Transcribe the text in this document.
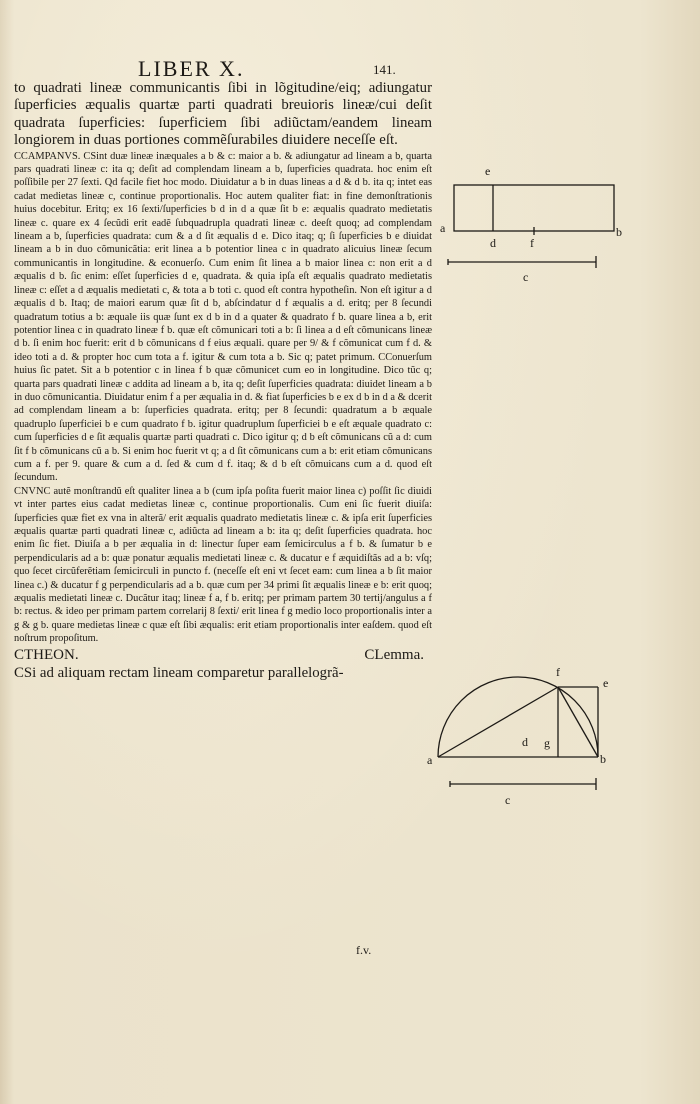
LIBER X.	141.

to quadrati lineæ communicantis ſibi in lõgitudine/eiq; adiungatur ſuperficies æqualis quartæ parti quadrati breuioris lineæ/cui deſit quadrata ſuperficies: ſuperficiem ſibi adiũctam/eandem lineam longiorem in duas portiones commẽſurabiles diuidere neceſſe eſt.

CCAMPANVS. CSint duæ lineæ inæquales a b & c: maior a b. & adiungatur ad lineam a b, quarta pars quadrati lineæ c: ita q; deſit ad complendam lineam a b, ſuperficies quadrata. hoc enim eſt poſſibile per 27 ſexti. Qd facile fiet hoc modo. Diuidatur a b in duas lineas a d & d b. ita q; intet eas cadat medietas lineæ c, continue proportionalis. Hoc autem qualiter fiat: in fine demonſtrationis huius docebitur. Eritq; ex 16 ſexti/ſuperficies b d in d a quæ ſit b e: æqualis quadrato medietatis lineæ c. quare ex 4 ſecũdi erit eadẽ ſubquadrupla quadrati lineæ c. deeſt quoq; ad complendam lineam a b, ſuperficies quadrata: cum & a d ſit æqualis d e. Dico itaq; q; ſi ſuperficies b e diuidat lineam a b in duo cõmunicãtia: erit linea a b potentior linea c in quadrato alicuius lineæ ſecum communicantis in longitudine. & econuerſo. Cum enim ſit linea a b maior linea c: non erit a d æqualis d b. ſic enim: eſſet ſuperficies d e, quadrata. & quia ipſa eſt æqualis quadrato medietatis lineæ c: eſſet a d æqualis medietati c, & tota a b toti c. quod eſt contra hypotheſin. Non eſt igitur a d æqualis d b. Itaq; de maiori earum quæ ſit d b, abſcindatur d f æqualis a d. eritq; per 8 ſecundi quadratum totius a b: æquale iis quæ ſunt ex d b in d a quater & quadrato f b. quare linea a b, erit potentior linea c in quadrato lineæ f b. quæ eſt cõmunicari toti a b: ſi linea a d eſt cõmunicans lineæ d b. ſi enim hoc fuerit: erit d b cõmunicans d f eius æquali. quare per 9/ & f cõmunicat cum f d. & ideo toti a d. & propter hoc cum tota a f. igitur & cum tota a b. Sic q; patet primum. CConuerſum huius ſic patet. Sit a b potentior c in linea f b quæ cõmunicet cum eo in longitudine. Dico tũc q; quarta pars quadrati lineæ c addita ad lineam a b, ita q; deſit ſuperficies quadrata: diuidet lineam a b in duo cõmunicantia. Diuidatur enim f a per æqualia in d. & fiat ſuperficies b e ex d b in d a & dcerit ad complendam lineam a b: ſuperficies quadrata. eritq; per 8 ſecundi: quadratum a b æquale quadruplo ſuperficiei b e cum quadrato f b. igitur quadruplum ſuperficiei b e eſt æquale quadrato c: cum ſuperficies d e ſit æqualis quartæ parti quadrati c. Dico igitur q; d b eſt cõmunicans cũ a d: cum ſit f b cõmunicans cũ a b. Si enim hoc fuerit vt q; a d ſit cõmunicans cum a b: erit etiam cõmunicans cum a f. per 9. quare & cum a d. ſed & cum d f. itaq; & d b eſt cõmuicans cum a d. quod eſt ſecundum.

CNVNC autẽ monſtrandũ eſt qualiter linea a b (cum ipſa poſita fuerit maior linea c) poſſit ſic diuidi vt inter partes eius cadat medietas lineæ c, continue proportionalis. Cum eni ſic fuerit diuiſa: ſuperficies quæ fiet ex vna in alterã/ erit æqualis quadrato medietatis lineæ c. & ipſa erit ſuperficies æqualis quartæ parti quadrati lineæ c, adiũcta ad lineam a b: ita q; deſit ſuperficies quadrata. hoc enim ſic fiet. Diuiſa a b per æqualia in d: linectur ſuper eam ſemicirculus a f b. & ſumatur b e perpendicularis ad a b: quæ ponatur æqualis medietati lineæ c. & ducatur e f æquidiſtãs ad a b: vſq; quo ſecet circũferẽtiam ſemicirculi in puncto f. (neceſſe eſt eni vt ſecet eam: cum linea a b ſit maior linea c.) & ducatur f g perpendicularis ad a b. quæ cum per 34 primi ſit æqualis lineæ e b: erit quoq; æqualis medietati lineæ c. Ducãtur itaq; lineæ f a, f b. eritq; per primam partem 30 tertij/angulus a f b: rectus. & ideo per primam partem correlarij 8 ſexti/ erit linea f g medio loco proportionalis inter a g & g b. quare medietas lineæ c quæ eſt ſibi æqualis: erit etiam proportionalis inter eaſdem. quod eſt noſtrum propoſitum.

CTHEON.	CLemma.

CSi ad aliquam rectam lineam comparetur parallelogrã-

f.v.
e
a	b
d	f
c
f
e
a	b
d g
c
